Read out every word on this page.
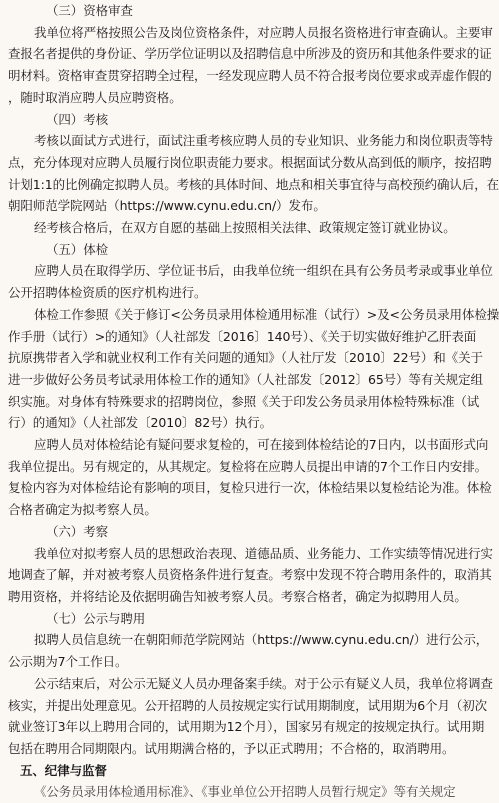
（三）资格审查
我单位将严格按照公告及岗位资格条件，对应聘人员报名资格进行审查确认。主要审
查报名者提供的身份证、学历学位证明以及招聘信息中所涉及的资历和其他条件要求的证
明材料。资格审查贯穿招聘全过程，一经发现应聘人员不符合报考岗位要求或弄虚作假的
，随时取消应聘人员应聘资格。
（四）考核
考核以面试方式进行，面试注重考核应聘人员的专业知识、业务能力和岗位职责等特
点，充分体现对应聘人员履行岗位职责能力要求。根据面试分数从高到低的顺序，按招聘
计划1:1的比例确定拟聘人员。考核的具体时间、地点和相关事宜待与高校预约确认后，在
朝阳师范学院网站（https://www.cynu.edu.cn/）发布。
经考核合格后，在双方自愿的基础上按照相关法律、政策规定签订就业协议。
（五）体检
应聘人员在取得学历、学位证书后，由我单位统一组织在具有公务员考录或事业单位
公开招聘体检资质的医疗机构进行。
体检工作参照《关于修订<公务员录用体检通用标准（试行）>及<公务员录用体检操
作手册（试行）>的通知》（人社部发〔2016〕140号）、《关于切实做好维护乙肝表面
抗原携带者入学和就业权利工作有关问题的通知》（人社厅发〔2010〕22号）和《关于
进一步做好公务员考试录用体检工作的通知》（人社部发〔2012〕65号）等有关规定组
织实施。对身体有特殊要求的招聘岗位，参照《关于印发公务员录用体检特殊标准（试
行）的通知》（人社部发〔2010〕82号）执行。
应聘人员对体检结论有疑问要求复检的，可在接到体检结论的7日内，以书面形式向
我单位提出。另有规定的，从其规定。复检将在应聘人员提出申请的7个工作日内安排。
复检内容为对体检结论有影响的项目，复检只进行一次，体检结果以复检结论为准。体检
合格者确定为拟考察人员。
（六）考察
我单位对拟考察人员的思想政治表现、道德品质、业务能力、工作实绩等情况进行实
地调查了解，并对被考察人员资格条件进行复查。考察中发现不符合聘用条件的，取消其
聘用资格，并将结论及依据明确告知被考察人员。考察合格者，确定为拟聘用人员。
（七）公示与聘用
拟聘人员信息统一在朝阳师范学院网站（https://www.cynu.edu.cn/）进行公示，
公示期为7个工作日。
公示结束后，对公示无疑义人员办理备案手续。对于公示有疑义人员，我单位将调查
核实，并提出处理意见。公开招聘的人员按规定实行试用期制度，试用期为6个月（初次
就业签订3年以上聘用合同的，试用期为12个月），国家另有规定的按规定执行。试用期
包括在聘用合同期限内。试用期满合格的，予以正式聘用；不合格的，取消聘用。
五、纪律与监督
《公务员录用体检通用标准》、《事业单位公开招聘人员暂行规定》等有关规定
